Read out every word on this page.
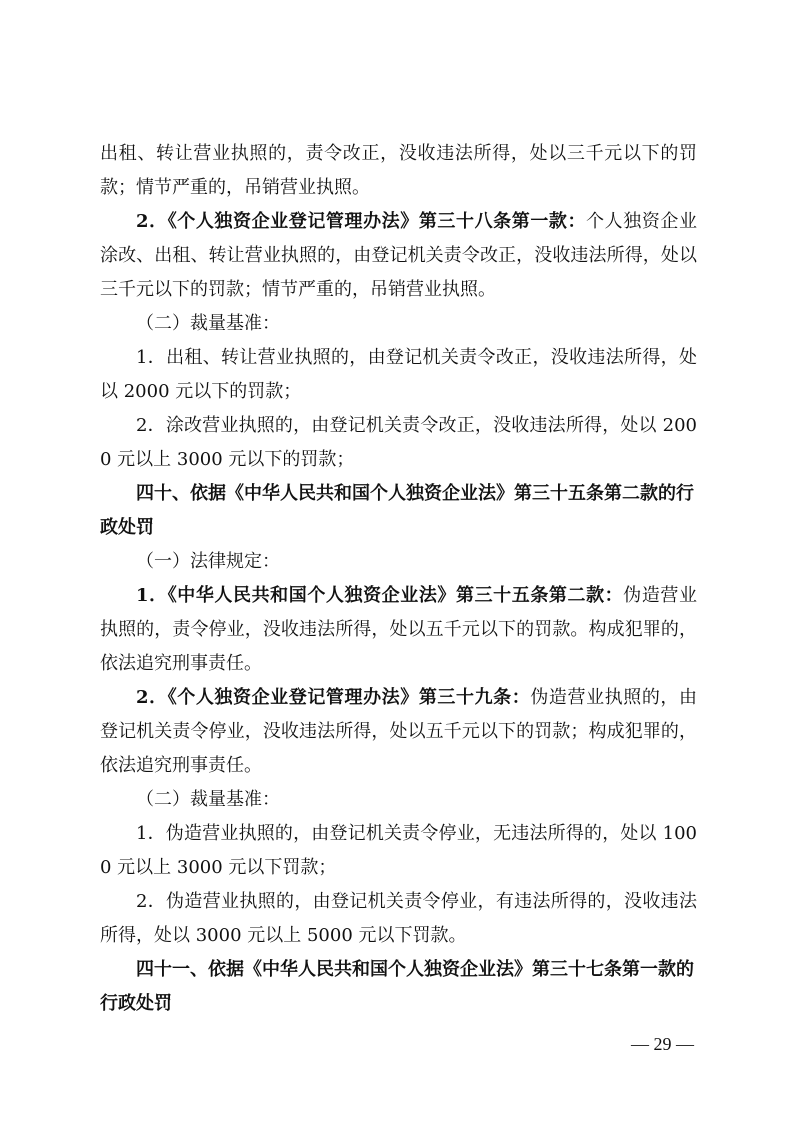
出租、转让营业执照的，责令改正，没收违法所得，处以三千元以下的罚款；情节严重的，吊销营业执照。

2．《个人独资企业登记管理办法》第三十八条第一款：个人独资企业涂改、出租、转让营业执照的，由登记机关责令改正，没收违法所得，处以三千元以下的罚款；情节严重的，吊销营业执照。

（二）裁量基准：

1．出租、转让营业执照的，由登记机关责令改正，没收违法所得，处以 2000 元以下的罚款；

2．涂改营业执照的，由登记机关责令改正，没收违法所得，处以 2000 元以上 3000 元以下的罚款；

四十、依据《中华人民共和国个人独资企业法》第三十五条第二款的行政处罚

（一）法律规定：

1．《中华人民共和国个人独资企业法》第三十五条第二款：伪造营业执照的，责令停业，没收违法所得，处以五千元以下的罚款。构成犯罪的，依法追究刑事责任。

2．《个人独资企业登记管理办法》第三十九条：伪造营业执照的，由登记机关责令停业，没收违法所得，处以五千元以下的罚款；构成犯罪的，依法追究刑事责任。

（二）裁量基准：

1．伪造营业执照的，由登记机关责令停业，无违法所得的，处以 1000 元以上 3000 元以下罚款；

2．伪造营业执照的，由登记机关责令停业，有违法所得的，没收违法所得，处以 3000 元以上 5000 元以下罚款。

四十一、依据《中华人民共和国个人独资企业法》第三十七条第一款的行政处罚

— 29 —
